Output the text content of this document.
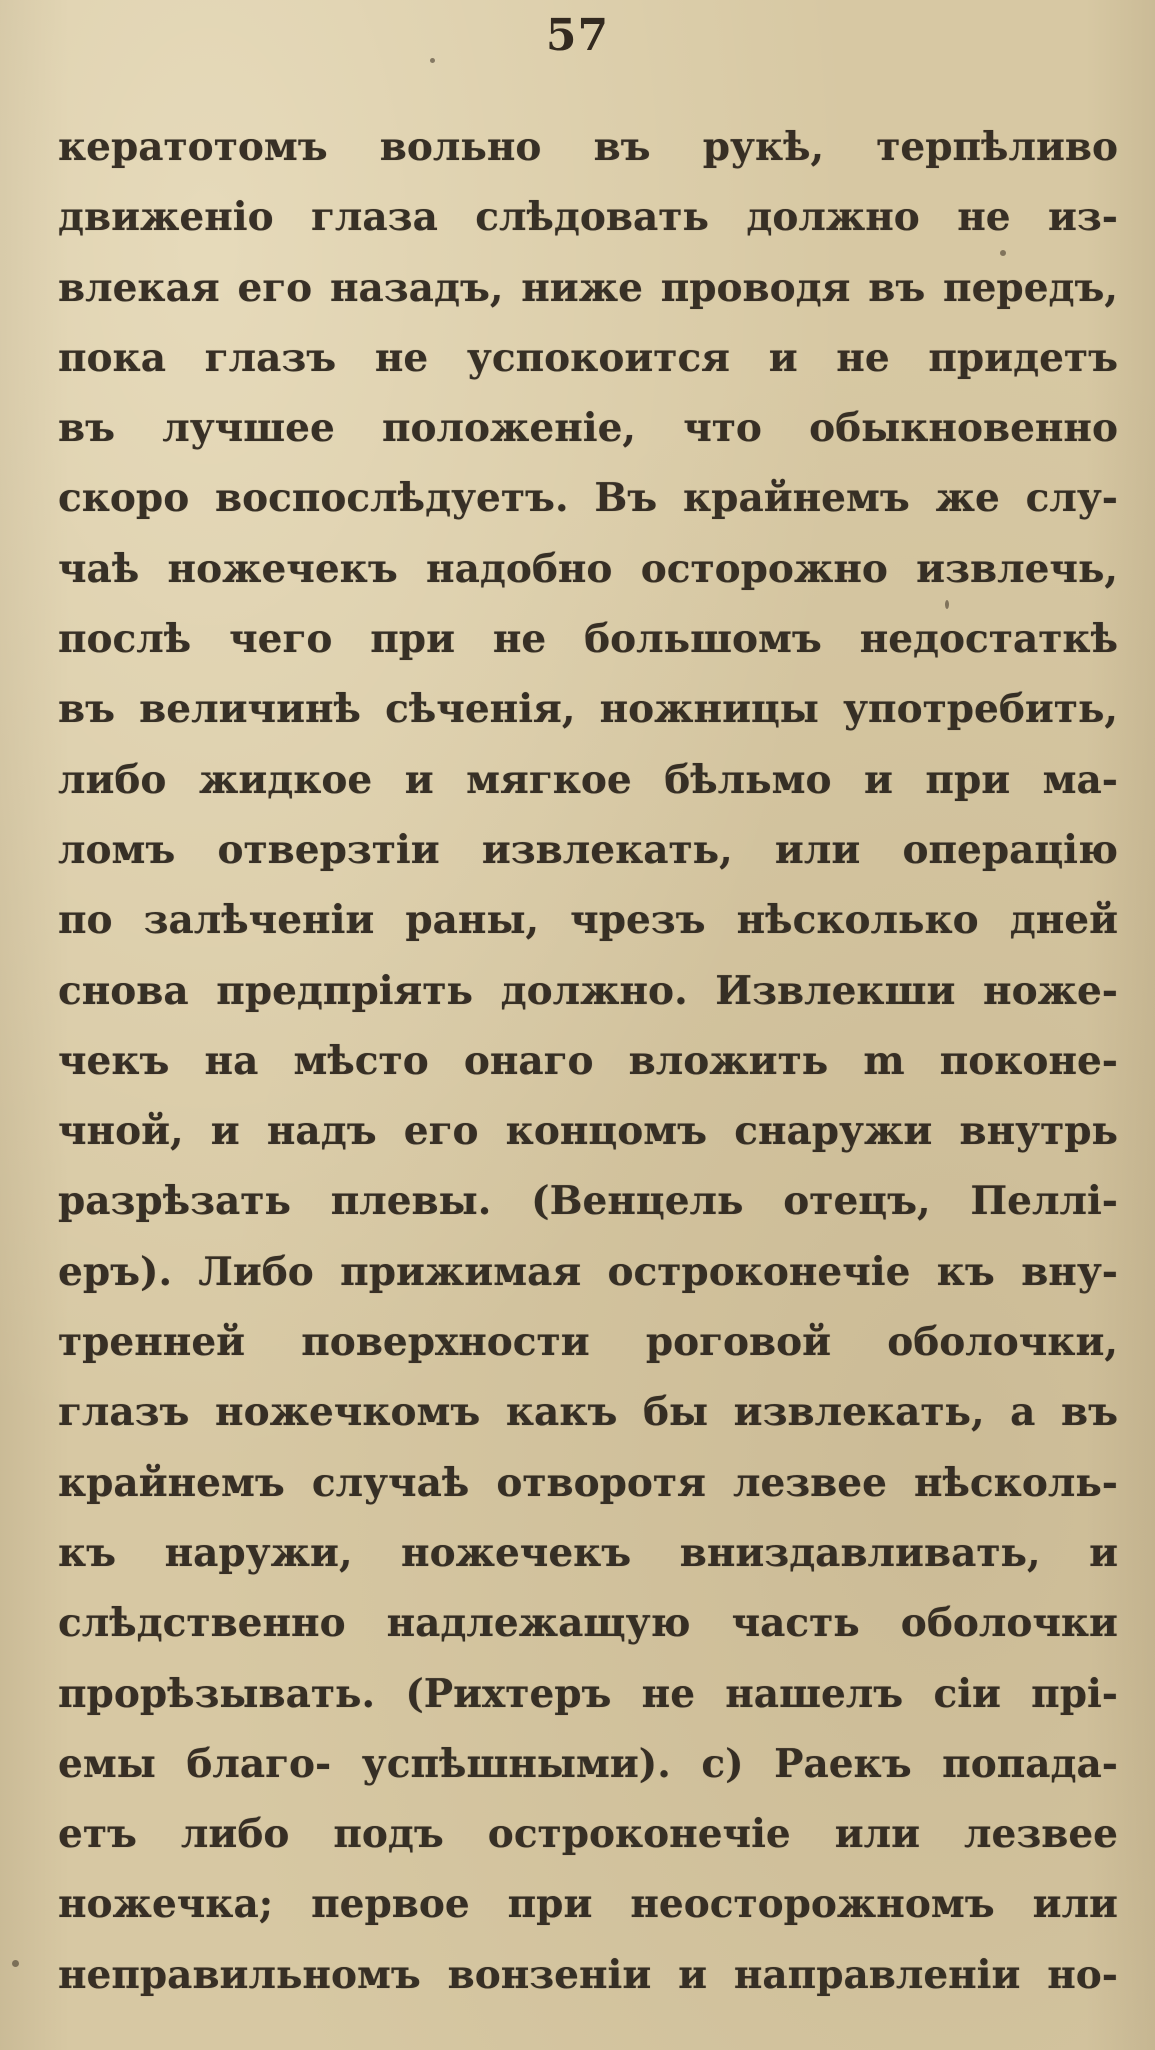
57
кератотомъ вольно въ рукѣ, терпѣливо
движенiо глаза слѣдовать должно не из-
влекая его назадъ, ниже проводя въ передъ,
пока глазъ не успокоится и не придетъ
въ лучшее положенiе, что обыкновенно
скоро воспослѣдуетъ. Въ крайнемъ же слу-
чаѣ ножечекъ надобно осторожно извлечь,
послѣ чего при не большомъ недостаткѣ
въ величинѣ сѣченiя, ножницы употребить,
либо жидкое и мягкое бѣльмо и при ма-
ломъ отверзтiи извлекать, или операцiю
по залѣченiи раны, чрезъ нѣсколько дней
снова предпрiять должно. Извлекши ноже-
чекъ на мѣсто онаго вложить m поконе-
чной, и надъ его концомъ снаружи внутрь
разрѣзать плевы. (Венцель отецъ, Пеллi-
еръ). Либо прижимая остроконечiе къ вну-
тренней поверхности роговой оболочки,
глазъ ножечкомъ какъ бы извлекать, а въ
крайнемъ случаѣ отворотя лезвее нѣсколь-
къ наружи, ножечекъ вниздавливать, и
слѣдственно надлежащую часть оболочки
прорѣзывать. (Рихтеръ не нашелъ сiи прi-
емы благо- успѣшными). с) Раекъ попада-
етъ либо подъ остроконечiе или лезвее
ножечка; первое при неосторожномъ или
неправильномъ вонзенiи и направленiи но-
